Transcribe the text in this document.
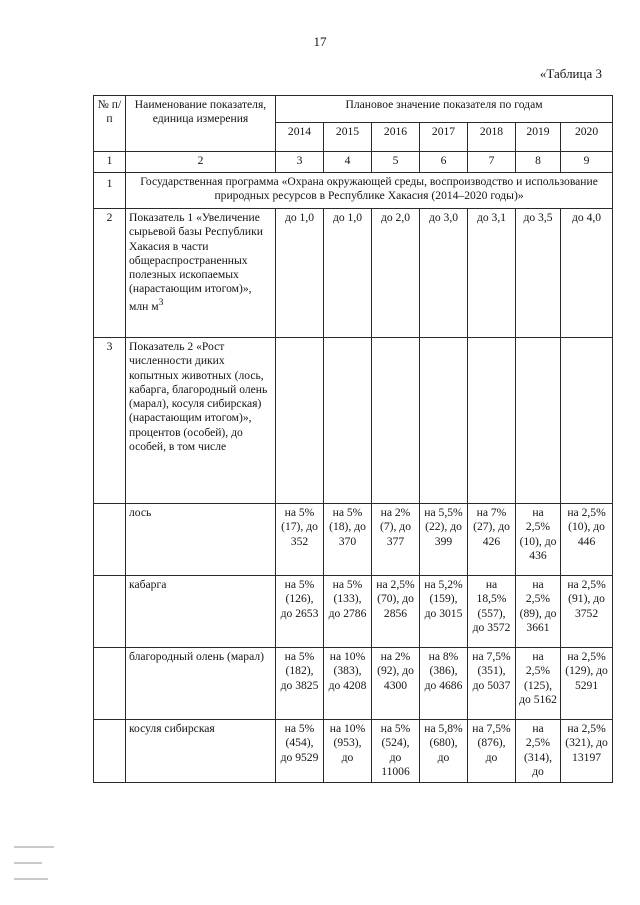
17
«Таблица 3
№ п/п	Наименование показателя, единица измерения	Плановое значение показателя по годам						
		2014	2015	2016	2017	2018	2019	2020
1	2	3	4	5	6	7	8	9
1	Государственная программа «Охрана окружающей среды, воспроизводство и использование природных ресурсов в Республике Хакасия (2014–2020 годы)»							
2	Показатель 1 «Увеличение сырьевой базы Республики Хакасия в части общераспространенных полезных ископаемых (нарастающим итогом)», млн $м^3$	до 1,0	до 1,0	до 2,0	до 3,0	до 3,1	до 3,5	до 4,0
3	Показатель 2 «Рост численности диких копытных животных (лось, кабарга, благородный олень (марал), косуля сибирская) (нарастающим итогом)», процентов (особей), до особей, в том числе							
	лось	на 5% (17), до 352	на 5% (18), до 370	на 2% (7), до 377	на 5,5% (22), до 399	на 7% (27), до 426	на 2,5% (10), до 436	на 2,5% (10), до 446
	кабарга	на 5% (126), до 2653	на 5% (133), до 2786	на 2,5% (70), до 2856	на 5,2% (159), до 3015	на 18,5% (557), до 3572	на 2,5% (89), до 3661	на 2,5% (91), до 3752
	благородный олень (марал)	на 5% (182), до 3825	на 10% (383), до 4208	на 2% (92), до 4300	на 8% (386), до 4686	на 7,5% (351), до 5037	на 2,5% (125), до 5162	на 2,5% (129), до 5291
	косуля сибирская	на 5% (454), до 9529	на 10% (953), до	на 5% (524), до 11006	на 5,8% (680), до	на 7,5% (876), до	на 2,5% (314), до	на 2,5% (321), до 13197
